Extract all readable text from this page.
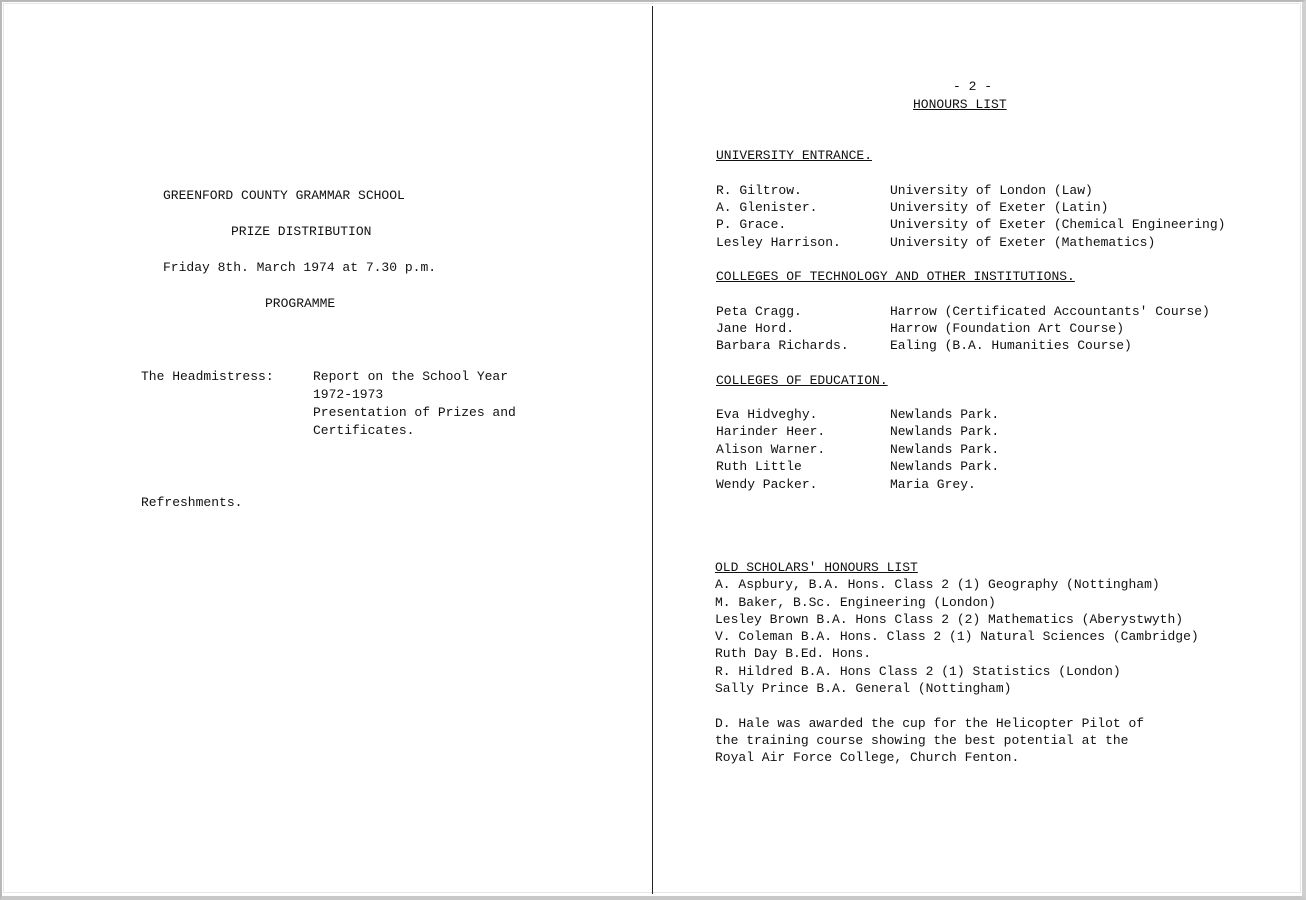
GREENFORD COUNTY GRAMMAR SCHOOL
PRIZE DISTRIBUTION
Friday 8th. March 1974 at 7.30 p.m.
PROGRAMME
The Headmistress:	Report on the School Year
1972-1973
Presentation of Prizes and
Certificates.
Refreshments.
- 2 -
HONOURS LIST
UNIVERSITY ENTRANCE.
R. Giltrow.	University of London (Law)
A. Glenister.	University of Exeter (Latin)
P. Grace.	University of Exeter (Chemical Engineering)
Lesley Harrison.	University of Exeter (Mathematics)
COLLEGES OF TECHNOLOGY AND OTHER INSTITUTIONS.
Peta Cragg.	Harrow (Certificated Accountants' Course)
Jane Hord.	Harrow (Foundation Art Course)
Barbara Richards.	Ealing (B.A. Humanities Course)
COLLEGES OF EDUCATION.
Eva Hidveghy.	Newlands Park.
Harinder Heer.	Newlands Park.
Alison Warner.	Newlands Park.
Ruth Little	Newlands Park.
Wendy Packer.	Maria Grey.
OLD SCHOLARS' HONOURS LIST
A. Aspbury, B.A. Hons. Class 2 (1) Geography (Nottingham)
M. Baker, B.Sc. Engineering (London)
Lesley Brown B.A. Hons Class 2 (2) Mathematics (Aberystwyth)
V. Coleman B.A. Hons. Class 2 (1) Natural Sciences (Cambridge)
Ruth Day B.Ed. Hons.
R. Hildred B.A. Hons Class 2 (1) Statistics (London)
Sally Prince B.A. General (Nottingham)
D. Hale was awarded the cup for the Helicopter Pilot of
the training course showing the best potential at the
Royal Air Force College, Church Fenton.
